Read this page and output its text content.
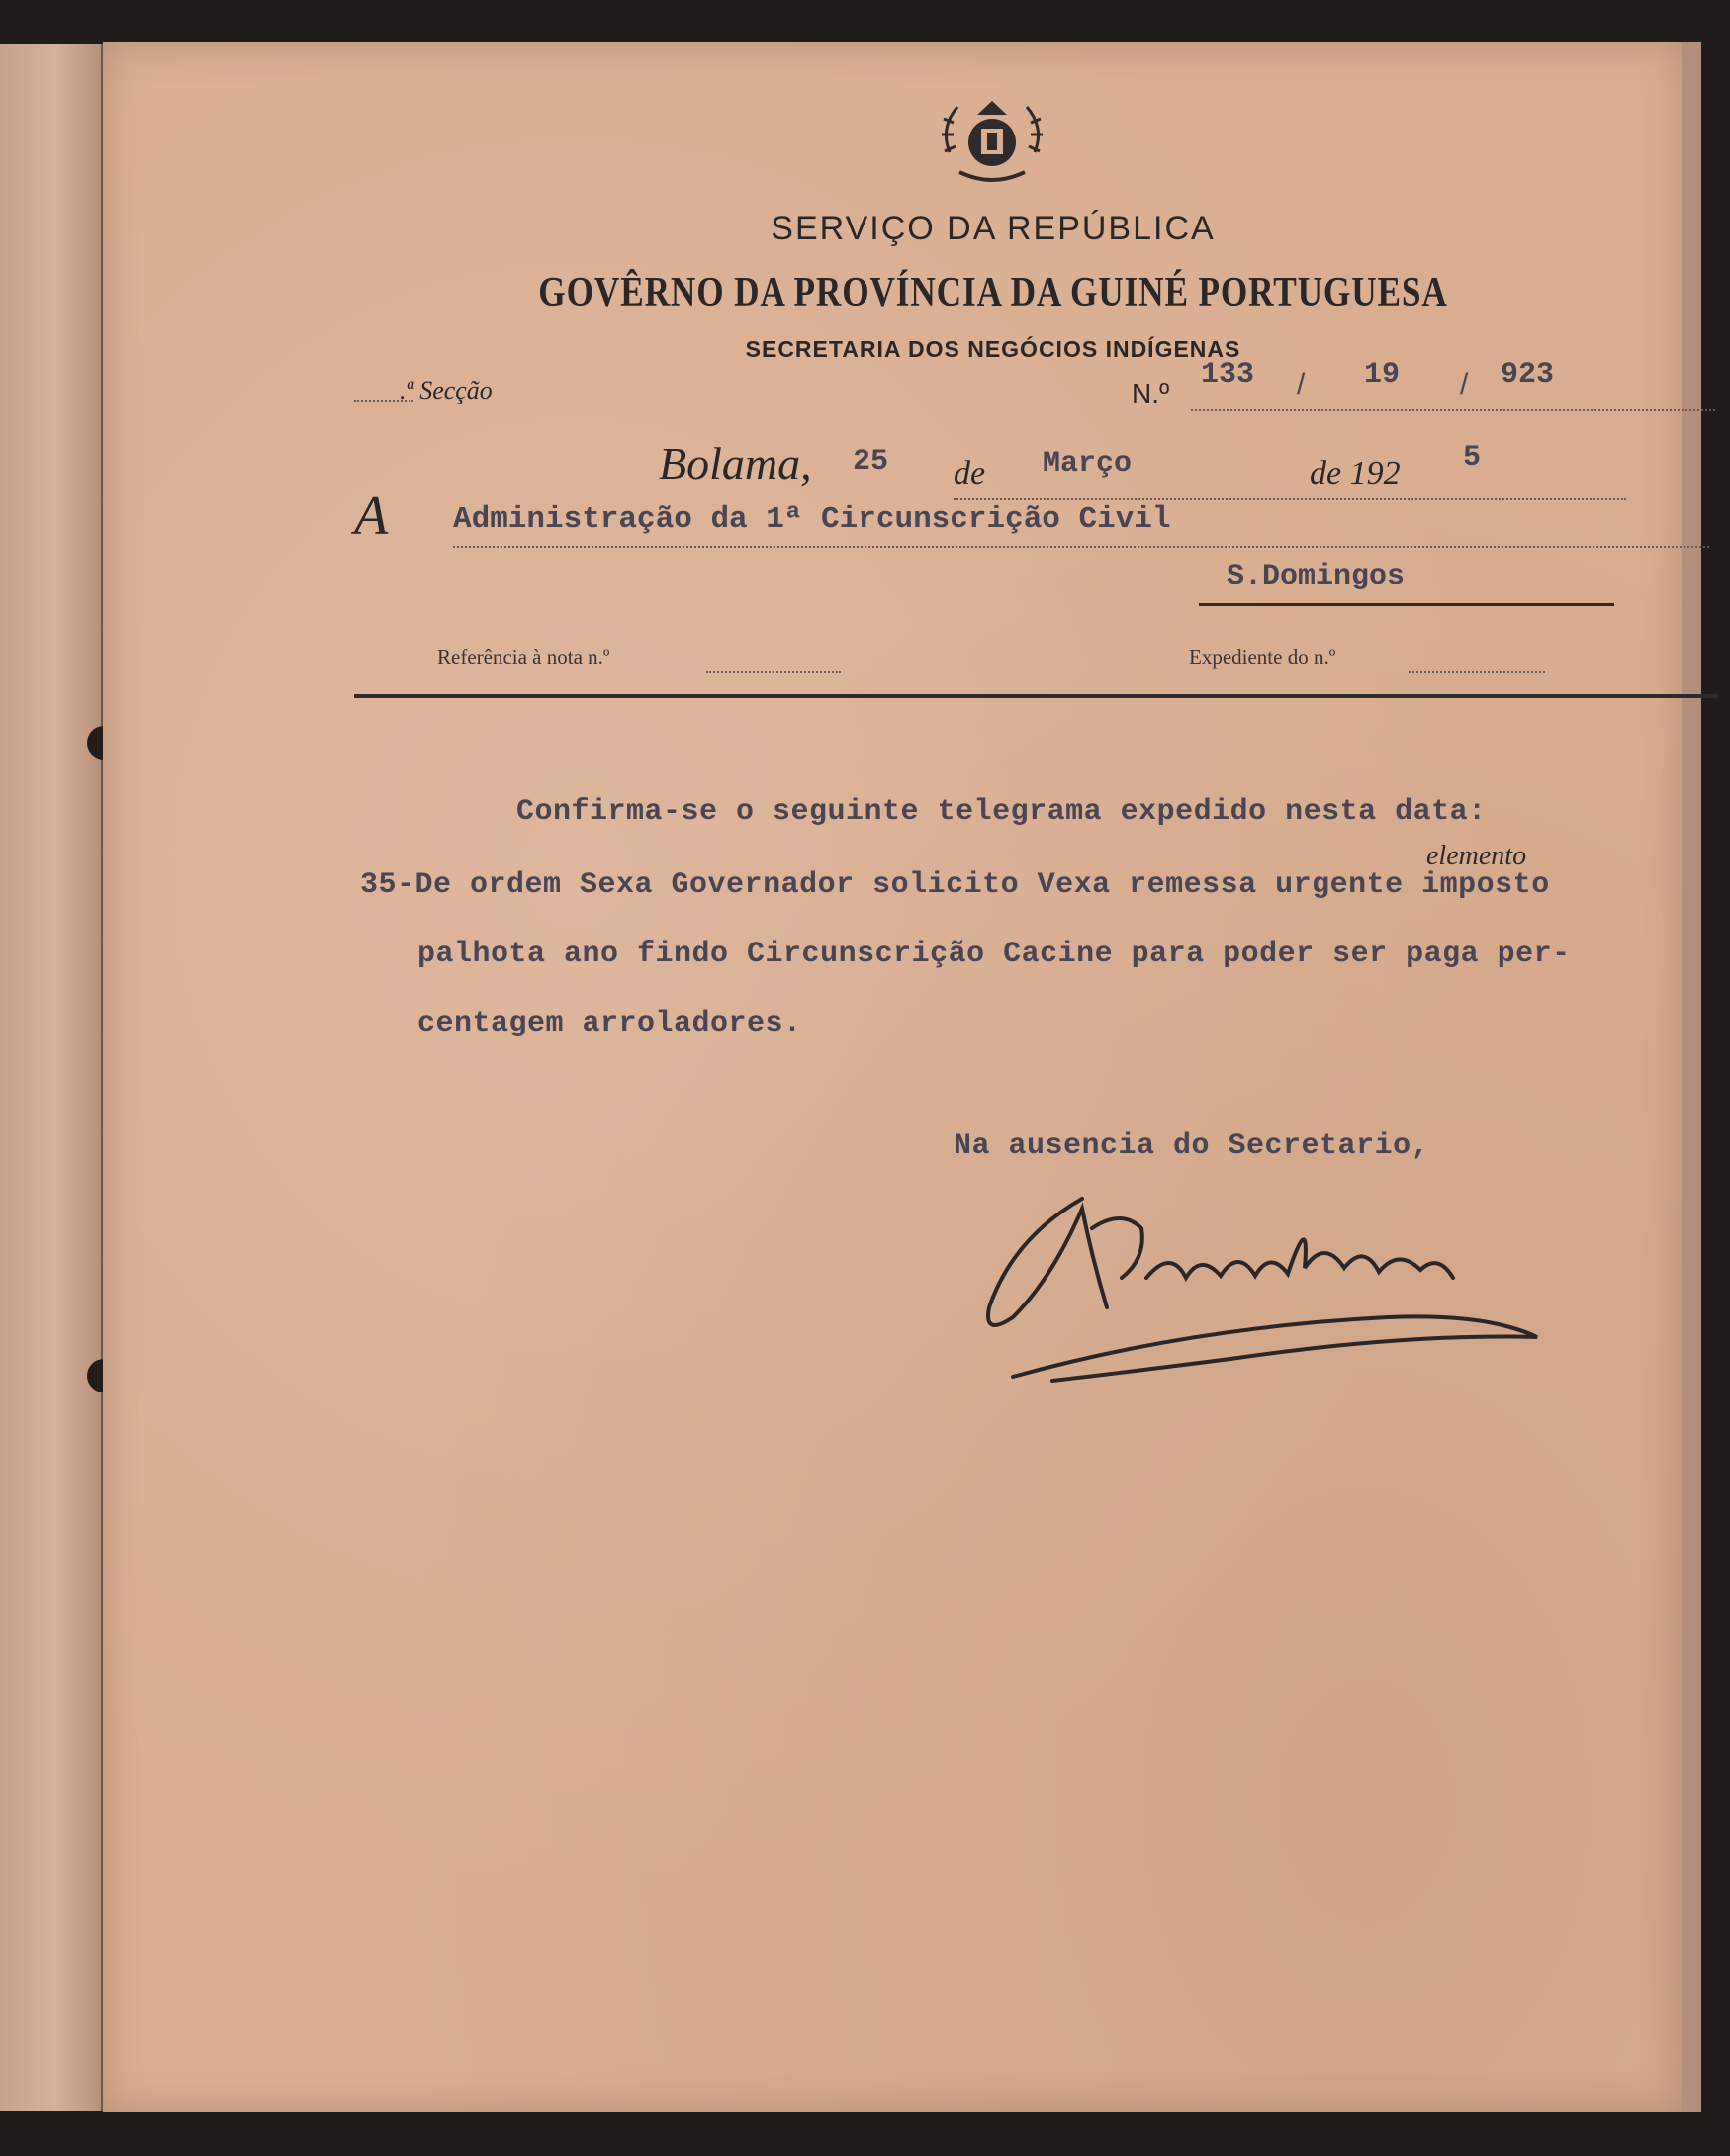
SERVIÇO DA REPÚBLICA
GOVÊRNO DA PROVÍNCIA DA GUINÉ PORTUGUESA
SECRETARIA DOS NEGÓCIOS INDÍGENAS
.ª Secção	N.º
133 / 19 / 923
Bolama, 25 de Março	de 192 5
A Administração da 1ª Circunscrição Civil
S.Domingos
Referência à nota n.º	Expediente do n.º
Confirma-se o seguinte telegrama expedido nesta data:
elemento
35-De ordem Sexa Governador solicito Vexa remessa urgente imposto
palhota ano findo Circunscrição Cacine para poder ser paga per-
centagem arroladores.
Na ausencia do Secretario,
